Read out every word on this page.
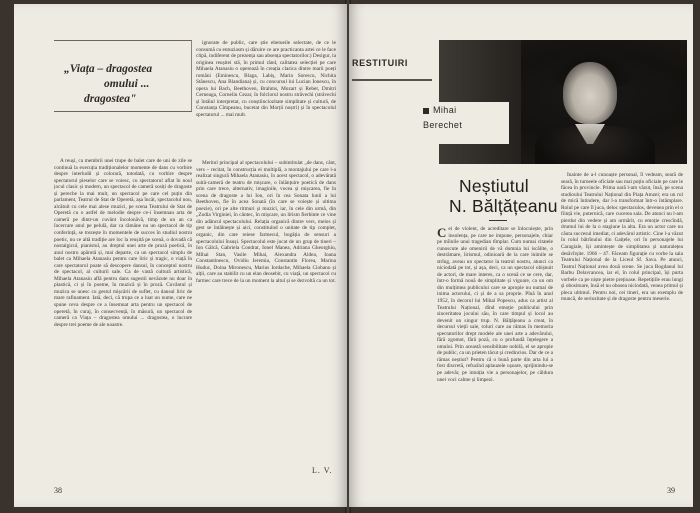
„Viața – dragostea
omului ...
dragostea"

ignorate de public, care știe ebetueile selectate, de ce le consumă cu entuziasm și dăruire ce are practicanta artei ce le face clipă, indiferent de prezența sau absența spectatorilor.) Desigur, la originea reușitei stă, în primul rând, calitatea selecției pe care Mihaela Atanasiu o operează în creația clasica dintre marii poeți români (Eminescu, Blaga, Labiș, Marin Sorescu, Nichita Stănescu, Ana Blandiana) și, cu concursul lui Lucian Ionescu, în opera lui Bach, Beethoven, Brahms, Mozart și Rebet, Dmitri Cerneaga, Corneliu Cezar, în folclorul nostru străvechi (străvechi și întâiul interpretat, cu conștiinciozitate simplitate și cultură, de Constanța Cîmpeanu, bucetat din Morții noștri) și în spectacolul spectatorul ... mai mult.

A reuși, ca membrii unei trupe de balet care de uni de zile se continuă la execuția tradiționalelor momente de dans cu vorbire despre interludii și colorară, totodată, cu vorbire despre spectatorul pieselor care se voiesc, cu spectatorul aflat în noul jocul clasic și modern, un spectacol de cameră sosiți de dragoste și pereche la mai mult, un spectacol pe care cel puțin din parlament, Teatrul de Stat de Operetă, așa încât, spectacolul nou, alcătuit cu cele mai alese muzici, pe scena Teatrului de Stat de Operetă cu o astfel de melodie despre ce-i însemnau arta de cameră pe dintr-un cuvânt încolonăvă, timp de un an ca încercare anul pe pelulă, dar ca rămâne nu un spectacol de tip conferință, se trezește în momentele de succes în studiul nostru poetic, nu ce altă tradiție are loc la reușită pe scenă, o dovadă că nostalgicul, pianistul, au dreptul unei arte de proză poetică, în anul nostru apărută și, mai departe, ca un spectacol simplu de balet ca Mihaela Atanasiu pentru care liric și tragic, o viață în care spectatorul poate să descopere dansul, în conceptul nostru de spectacol, al culturii sale. Ca de vastă cultură artistică, Mihaela Atanasiu află pentru dans sugestii nevăzute nu doar în plastică, ci și în poeme, în muzică și în proză. Cuvântul și muzica se unesc cu gestul mișcării de suflet, cu dansul liric de mare rafinament. Iată, deci, că trupa ce a luat un nume, care ne spune ceva despre ce a însemnat arta pentru un spectacol de operetă, în curaj, în consecvență, în măsură, un spectacol de cameră ca Viața – dragostea omului ... dragostea, o lucrare despre trei poeme de ale noastre.

Meritul principal al spectacolului – subintitulat „de dans, cânt, vers – recitat, în construcția ei multiplă, a montajului pe care l-a realizat singură Mihaela Atanasiu, în acest spectacol, o adevărată suită-cameră de teatru de mișcare, o înlănțuire poetică de dans prin care trece, alternativ, imaginile, vocea și mișcarea, fie în scena de dragoste a lui Ion, ori în cea Sonata lunii a lui Beethoven, fie în acea Sonată (în care se voiește și ultima poezie), ori pe alte ritmuri și muzici, iar, în cele din urmă, din „Zodia Virginiei, în cântec, în mișcare, un lirism fierbinte ce vine din adâncul spectacolului. Relația organică dintre vers, melos și gest se întâlnește și aici, constituind o unitate de tip complet, organic, din care reiese farmecul, bogăția de sensuri a spectacolului însuși. Spectacolul este jucat de un grup de tineri – Ion Gâlcă, Gabriela Condrat, Ionel Manea, Adriana Gheorghiu, Mihai Stan, Vasile Mihai, Alexandra Aldea, Ioana Constantinescu, Ovidiu Ieremia, Constantin Florea, Marina Huduc, Doina Mironescu, Marius Iordache, Mihaela Ciobanu și alții, care au stabilit cu un elan deosebit, cu viață, un spectacol cu farmec care trece de la un moment la altul și se dezvoltă ca un tot.

38
L. V.
RESTITUIRI
Mihai
Berechet
Neștiutul
N. Bălțățeanu
C ei de violent, de acreditare se înlocuiește, prin insolența, pe care ne impune, personajele, chiar pe mîinile unui tragedian tîmplar. Cum numai citatele cunoscute ale omenirii de vă domnia lui iscălite, o destrămare, lirismul, odinioară de la care inimile se strîng, aveau un spectator la teatrul nostru, atunci ca niciodată pe tot, și așa, deci, ca un spectacol obișnuit de actori, de mare interes, ca o scenă ce se cere, dar, într-o formă nouă de simplitate și vigoare, ca un om din mulțimea publicului care se apropie nu numai de inima actorului, ci și de a sa proprie. Pînă în anul 1952, în decorul lui Mihai Popescu, adus ca artist al Teatrului Național, dînd emoție publicului prin sinceritatea jocului său, în care timpul și locul au devenit un singur trup. N. Bălțățeanu a creat, în decursul vieții sale, roluri care au rămas în memoria spectatorilor drept modele ale unei arte a adevărului, fără zgomot, fără poză, cu o profundă înțelegere a omului. Prin această sensibilitate nobilă, el se apropie de public, ca un prieten tăcut și credincios. Dar de ce a rămas neștiut? Pentru că o bună parte din arta lui a fost discretă, refuzînd aplauzele ușoare, sprijinindu-se pe adevăr, pe intuiția vie a personajelor, pe căldura unei voci calme și limpezi.

Înainte de a-l cunoaște personal, îl vedeam, seară de seară, în turneele oficiale sau mai puțin oficiale pe care le făcea în provincie. Prima oară l-am văzut, însă, pe scena studioului Teatrului Național din Piața Amzei; era un rol de mică întindere, dar l-a transformat într-o întâmplare. Rolul pe care îl juca, deloc spectaculos, devenea prin el o ființă vie, puternică, care cucerea sala. De atunci nu l-am pierdut din vedere și am urmărit, cu emoție crescîndă, drumul lui de la o stagiune la alta. Era un actor care nu căuta succesul imediat, ci adevărul artistic. Cine l-a văzut în rolul bătrînului din Gaițele, ori în personajele lui Caragiale, își amintește de simplitatea și naturalețea desăvîrșite. 1966 – 47. Făceam figurație cu vorbe la sala Teatrului Național de la Liceul Sf. Sava. Pe atunci, Teatrul Național avea două scene. Se juca Bogdanul lui Barbu Delavrancea, iar el, în rolul principal, își purta vorbele ca pe niște pietre prețioase. Repetițiile erau lungi și obositoare, însă el nu obosea niciodată, venea primul și pleca ultimul. Pentru noi, cei tineri, era un exemplu de muncă, de seriozitate și de dragoste pentru meserie.

39
